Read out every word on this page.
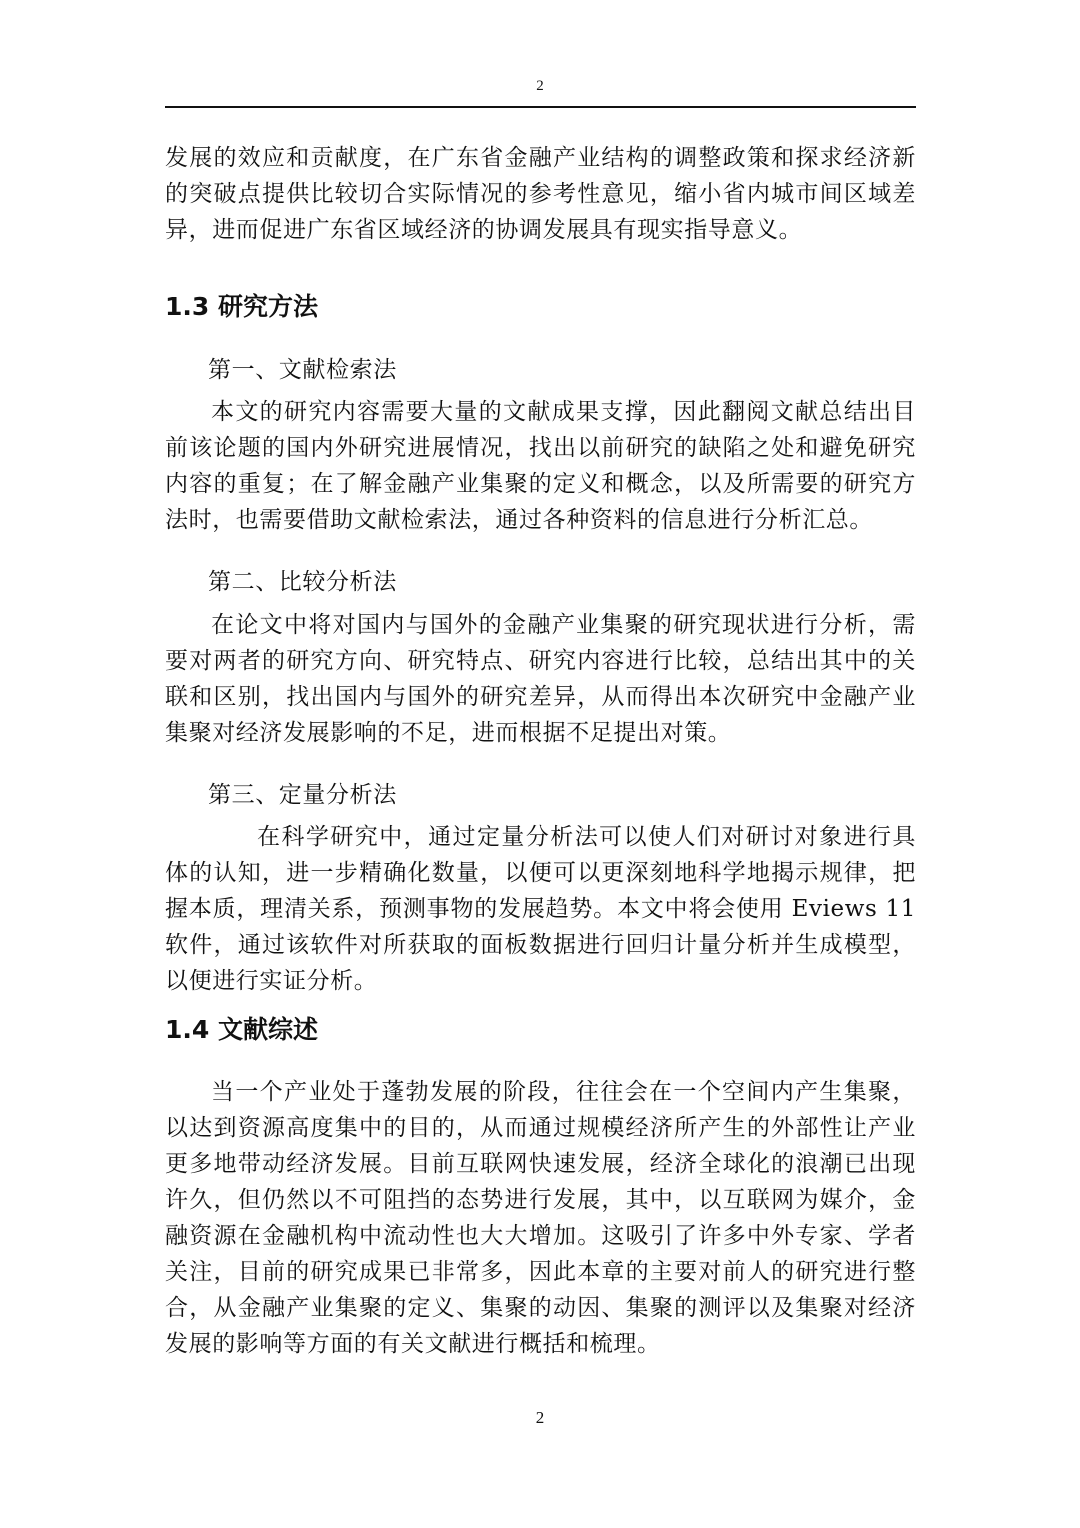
2

发展的效应和贡献度，在广东省金融产业结构的调整政策和探求经济新的突破点提供比较切合实际情况的参考性意见，缩小省内城市间区域差异，进而促进广东省区域经济的协调发展具有现实指导意义。

1.3 研究方法
第一、文献检索法

本文的研究内容需要大量的文献成果支撑，因此翻阅文献总结出目前该论题的国内外研究进展情况，找出以前研究的缺陷之处和避免研究内容的重复；在了解金融产业集聚的定义和概念，以及所需要的研究方法时，也需要借助文献检索法，通过各种资料的信息进行分析汇总。

第二、比较分析法

在论文中将对国内与国外的金融产业集聚的研究现状进行分析，需要对两者的研究方向、研究特点、研究内容进行比较，总结出其中的关联和区别，找出国内与国外的研究差异，从而得出本次研究中金融产业集聚对经济发展影响的不足，进而根据不足提出对策。

第三、定量分析法

在科学研究中，通过定量分析法可以使人们对研讨对象进行具体的认知，进一步精确化数量，以便可以更深刻地科学地揭示规律，把握本质，理清关系，预测事物的发展趋势。本文中将会使用 Eviews 11 软件，通过该软件对所获取的面板数据进行回归计量分析并生成模型，以便进行实证分析。

1.4 文献综述

当一个产业处于蓬勃发展的阶段，往往会在一个空间内产生集聚，以达到资源高度集中的目的，从而通过规模经济所产生的外部性让产业更多地带动经济发展。目前互联网快速发展，经济全球化的浪潮已出现许久，但仍然以不可阻挡的态势进行发展，其中，以互联网为媒介，金融资源在金融机构中流动性也大大增加。这吸引了许多中外专家、学者关注，目前的研究成果已非常多，因此本章的主要对前人的研究进行整合，从金融产业集聚的定义、集聚的动因、集聚的测评以及集聚对经济发展的影响等方面的有关文献进行概括和梳理。

2
